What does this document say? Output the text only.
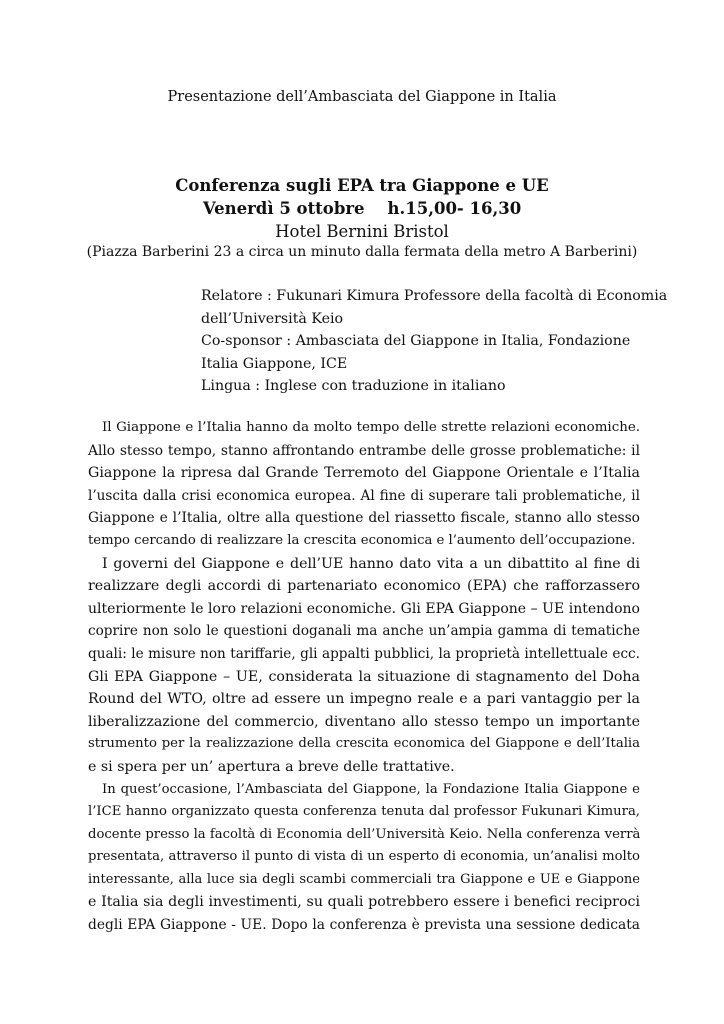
Presentazione dell’Ambasciata del Giappone in Italia
Conferenza sugli EPA tra Giappone e UE
Venerdì 5 ottobre    h.15,00- 16,30
Hotel Bernini Bristol
(Piazza Barberini 23 a circa un minuto dalla fermata della metro A Barberini)
Relatore : Fukunari Kimura Professore della facoltà di Economia
dell’Università Keio
Co-sponsor : Ambasciata del Giappone in Italia, Fondazione
Italia Giappone, ICE
Lingua : Inglese con traduzione in italiano
Il Giappone e l’Italia hanno da molto tempo delle strette relazioni economiche.
Allo stesso tempo, stanno affrontando entrambe delle grosse problematiche: il
Giappone la ripresa dal Grande Terremoto del Giappone Orientale e l’Italia
l’uscita dalla crisi economica europea. Al fine di superare tali problematiche, il
Giappone e l’Italia, oltre alla questione del riassetto fiscale, stanno allo stesso
tempo cercando di realizzare la crescita economica e l’aumento dell’occupazione.
I governi del Giappone e dell’UE hanno dato vita a un dibattito al fine di
realizzare degli accordi di partenariato economico (EPA) che rafforzassero
ulteriormente le loro relazioni economiche. Gli EPA Giappone – UE intendono
coprire non solo le questioni doganali ma anche un’ampia gamma di tematiche
quali: le misure non tariffarie, gli appalti pubblici, la proprietà intellettuale ecc.
Gli EPA Giappone – UE, considerata la situazione di stagnamento del Doha
Round del WTO, oltre ad essere un impegno reale e a pari vantaggio per la
liberalizzazione del commercio, diventano allo stesso tempo un importante
strumento per la realizzazione della crescita economica del Giappone e dell’Italia
e si spera per un’ apertura a breve delle trattative.
In quest’occasione, l’Ambasciata del Giappone, la Fondazione Italia Giappone e
l’ICE hanno organizzato questa conferenza tenuta dal professor Fukunari Kimura,
docente presso la facoltà di Economia dell’Università Keio. Nella conferenza verrà
presentata, attraverso il punto di vista di un esperto di economia, un’analisi molto
interessante, alla luce sia degli scambi commerciali tra Giappone e UE e Giappone
e Italia sia degli investimenti, su quali potrebbero essere i benefici reciproci
degli EPA Giappone - UE. Dopo la conferenza è prevista una sessione dedicata
